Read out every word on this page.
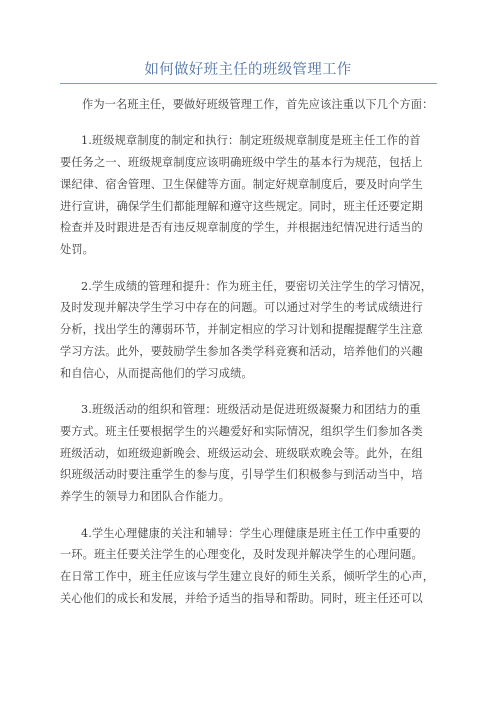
如何做好班主任的班级管理工作
作为一名班主任，要做好班级管理工作，首先应该注重以下几个方面：
1.班级规章制度的制定和执行：制定班级规章制度是班主任工作的首
要任务之一、班级规章制度应该明确班级中学生的基本行为规范，包括上
课纪律、宿舍管理、卫生保健等方面。制定好规章制度后，要及时向学生
进行宣讲，确保学生们都能理解和遵守这些规定。同时，班主任还要定期
检查并及时跟进是否有违反规章制度的学生，并根据违纪情况进行适当的
处罚。
2.学生成绩的管理和提升：作为班主任，要密切关注学生的学习情况，
及时发现并解决学生学习中存在的问题。可以通过对学生的考试成绩进行
分析，找出学生的薄弱环节，并制定相应的学习计划和提醒提醒学生注意
学习方法。此外，要鼓励学生参加各类学科竞赛和活动，培养他们的兴趣
和自信心，从而提高他们的学习成绩。
3.班级活动的组织和管理：班级活动是促进班级凝聚力和团结力的重
要方式。班主任要根据学生的兴趣爱好和实际情况，组织学生们参加各类
班级活动，如班级迎新晚会、班级运动会、班级联欢晚会等。此外，在组
织班级活动时要注重学生的参与度，引导学生们积极参与到活动当中，培
养学生的领导力和团队合作能力。
4.学生心理健康的关注和辅导：学生心理健康是班主任工作中重要的
一环。班主任要关注学生的心理变化，及时发现并解决学生的心理问题。
在日常工作中，班主任应该与学生建立良好的师生关系，倾听学生的心声，
关心他们的成长和发展，并给予适当的指导和帮助。同时，班主任还可以
